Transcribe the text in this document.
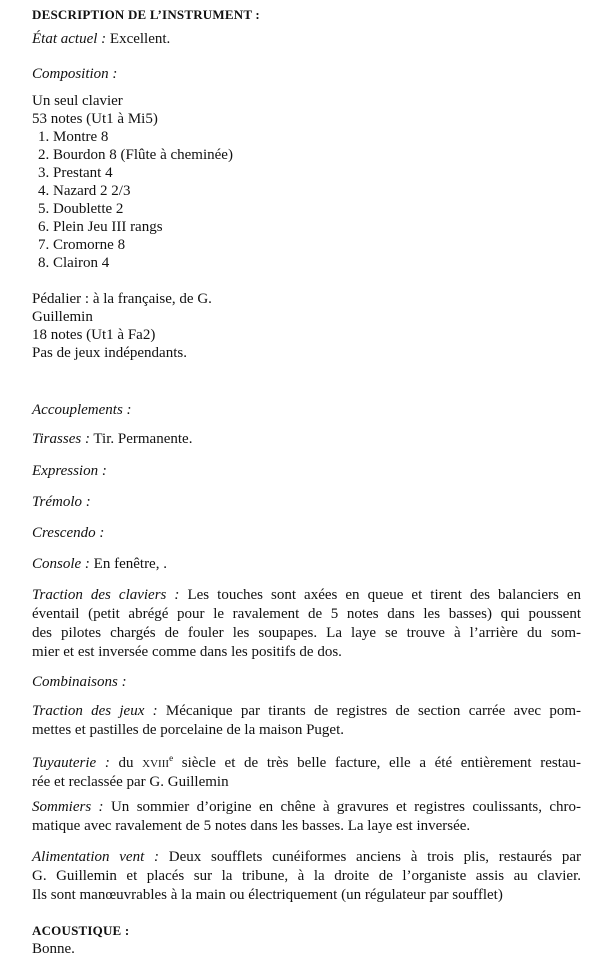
DESCRIPTION DE L’INSTRUMENT :
État actuel : Excellent.
Composition :
Un seul clavier
53 notes (Ut1 à Mi5)
1. Montre 8
2. Bourdon 8 (Flûte à cheminée)
3. Prestant 4
4. Nazard 2 2/3
5. Doublette 2
6. Plein Jeu III rangs
7. Cromorne 8
8. Clairon 4
Pédalier : à la française, de G.
Guillemin
18 notes (Ut1 à Fa2)
Pas de jeux indépendants.
Accouplements :
Tirasses : Tir. Permanente.
Expression :
Trémolo :
Crescendo :
Console : En fenêtre, .
Traction des claviers : Les touches sont axées en queue et tirent des balanciers en
éventail (petit abrégé pour le ravalement de 5 notes dans les basses) qui poussent
des pilotes chargés de fouler les soupapes. La laye se trouve à l’arrière du som-
mier et est inversée comme dans les positifs de dos.
Combinaisons :
Traction des jeux : Mécanique par tirants de registres de section carrée avec pom-
mettes et pastilles de porcelaine de la maison Puget.
Tuyauterie : du xviii$^e$ siècle et de très belle facture, elle a été entièrement restau-
rée et reclassée par G. Guillemin
Sommiers : Un sommier d’origine en chêne à gravures et registres coulissants, chro-
matique avec ravalement de 5 notes dans les basses. La laye est inversée.
Alimentation vent : Deux soufflets cunéiformes anciens à trois plis, restaurés par
G. Guillemin et placés sur la tribune, à la droite de l’organiste assis au clavier.
Ils sont manœuvrables à la main ou électriquement (un régulateur par soufflet)
ACOUSTIQUE :
Bonne.
